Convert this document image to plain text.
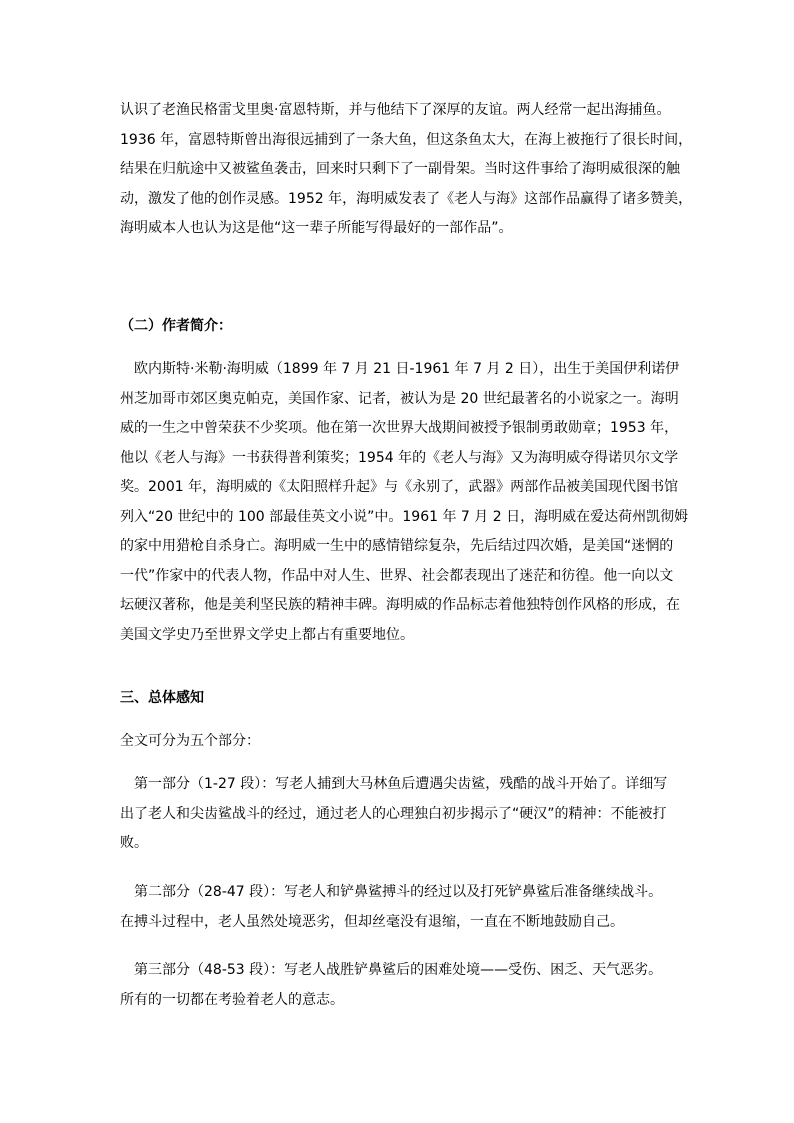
认识了老渔民格雷戈里奥·富恩特斯，并与他结下了深厚的友谊。两人经常一起出海捕鱼。
1936 年，富恩特斯曾出海很远捕到了一条大鱼，但这条鱼太大，在海上被拖行了很长时间，
结果在归航途中又被鲨鱼袭击，回来时只剩下了一副骨架。当时这件事给了海明威很深的触
动，激发了他的创作灵感。1952 年，海明威发表了《老人与海》这部作品赢得了诸多赞美，
海明威本人也认为这是他“这一辈子所能写得最好的一部作品”。
（二）作者简介：
　欧内斯特·米勒·海明威（1899 年 7 月 21 日-1961 年 7 月 2 日），出生于美国伊利诺伊
州芝加哥市郊区奥克帕克，美国作家、记者，被认为是 20 世纪最著名的小说家之一。海明
威的一生之中曾荣获不少奖项。他在第一次世界大战期间被授予银制勇敢勋章；1953 年，
他以《老人与海》一书获得普利策奖；1954 年的《老人与海》又为海明威夺得诺贝尔文学
奖。2001 年，海明威的《太阳照样升起》与《永别了，武器》两部作品被美国现代图书馆
列入“20 世纪中的 100 部最佳英文小说”中。1961 年 7 月 2 日，海明威在爱达荷州凯彻姆
的家中用猎枪自杀身亡。海明威一生中的感情错综复杂，先后结过四次婚，是美国“迷惘的
一代”作家中的代表人物，作品中对人生、世界、社会都表现出了迷茫和彷徨。他一向以文
坛硬汉著称，他是美利坚民族的精神丰碑。海明威的作品标志着他独特创作风格的形成，在
美国文学史乃至世界文学史上都占有重要地位。
三、总体感知
全文可分为五个部分：
　第一部分（1-27 段）：写老人捕到大马林鱼后遭遇尖齿鲨，残酷的战斗开始了。详细写
出了老人和尖齿鲨战斗的经过，通过老人的心理独白初步揭示了“硬汉”的精神：不能被打
败。
　第二部分（28-47 段）：写老人和铲鼻鲨搏斗的经过以及打死铲鼻鲨后准备继续战斗。
在搏斗过程中，老人虽然处境恶劣，但却丝毫没有退缩，一直在不断地鼓励自己。
　第三部分（48-53 段）：写老人战胜铲鼻鲨后的困难处境——受伤、困乏、天气恶劣。
所有的一切都在考验着老人的意志。
